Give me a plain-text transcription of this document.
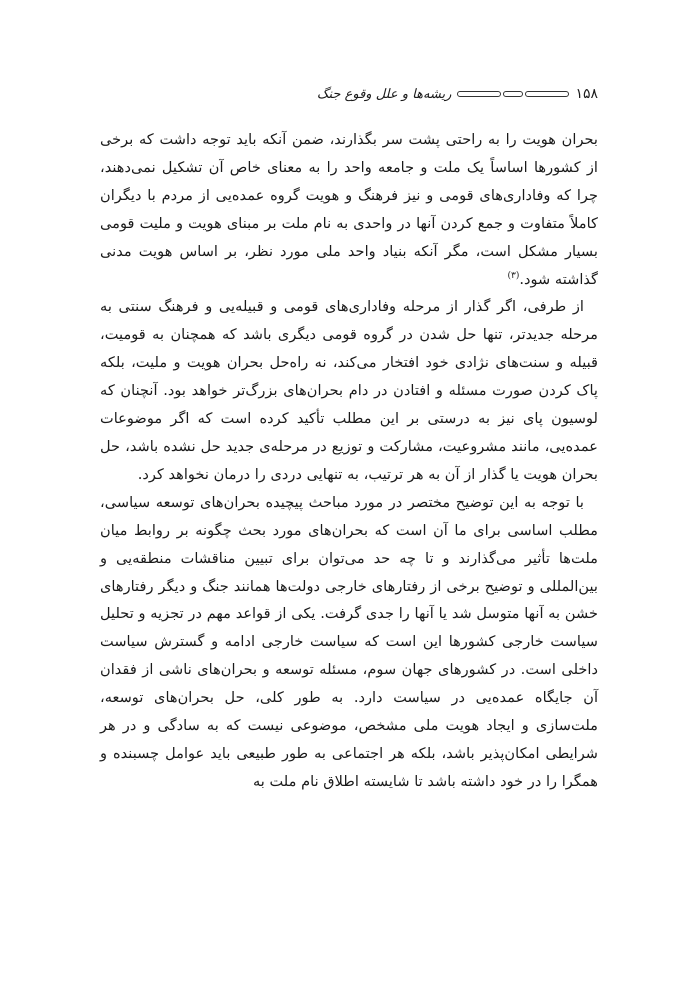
۱۵۸
ریشه‌ها و علل وقوع جنگ

بحران هویت را به راحتی پشت سر بگذارند، ضمن آنکه باید توجه داشت که برخی از کشورها اساساً یک ملت و جامعه واحد را به معنای خاص آن تشکیل نمی‌دهند، چرا که وفاداری‌های قومی و نیز فرهنگ و هویت گروه عمده‌یی از مردم با دیگران کاملاً متفاوت و جمع کردن آنها در واحدی به نام ملت بر مبنای هویت و ملیت قومی بسیار مشکل است، مگر آنکه بنیاد واحد ملی مورد نظر، بر اساس هویت مدنی گذاشته شود.$^{(۳)}$

از طرفی، اگر گذار از مرحله وفاداری‌های قومی و قبیله‌یی و فرهنگ سنتی به مرحله جدیدتر، تنها حل شدن در گروه قومی دیگری باشد که همچنان به قومیت، قبیله و سنت‌های نژادی خود افتخار می‌کند، نه راه‌حل بحران هویت و ملیت، بلکه پاک کردن صورت مسئله و افتادن در دام بحران‌های بزرگ‌تر خواهد بود. آنچنان که لوسیون پای نیز به درستی بر این مطلب تأکید کرده است که اگر موضوعات عمده‌یی، مانند مشروعیت، مشارکت و توزیع در مرحله‌ی جدید حل نشده باشد، حل بحران هویت یا گذار از آن به هر ترتیب، به تنهایی دردی را درمان نخواهد کرد.

با توجه به این توضیح مختصر در مورد مباحث پیچیده بحران‌های توسعه سیاسی، مطلب اساسی برای ما آن است که بحران‌های مورد بحث چگونه بر روابط میان ملت‌ها تأثیر می‌گذارند و تا چه حد می‌توان برای تبیین مناقشات منطقه‌یی و بین‌المللی و توضیح برخی از رفتارهای خارجی دولت‌ها همانند جنگ و دیگر رفتارهای خشن به آنها متوسل شد یا آنها را جدی گرفت. یکی از قواعد مهم در تجزیه و تحلیل سیاست خارجی کشورها این است که سیاست خارجی ادامه و گسترش سیاست داخلی است. در کشورهای جهان سوم، مسئله توسعه و بحران‌های ناشی از فقدان آن جایگاه عمده‌یی در سیاست دارد. به طور کلی، حل بحران‌های توسعه، ملت‌سازی و ایجاد هویت ملی مشخص، موضوعی نیست که به سادگی و در هر شرایطی امکان‌پذیر باشد، بلکه هر اجتماعی به طور طبیعی باید عوامل چسبنده و همگرا را در خود داشته باشد تا شایسته اطلاق نام ملت به
